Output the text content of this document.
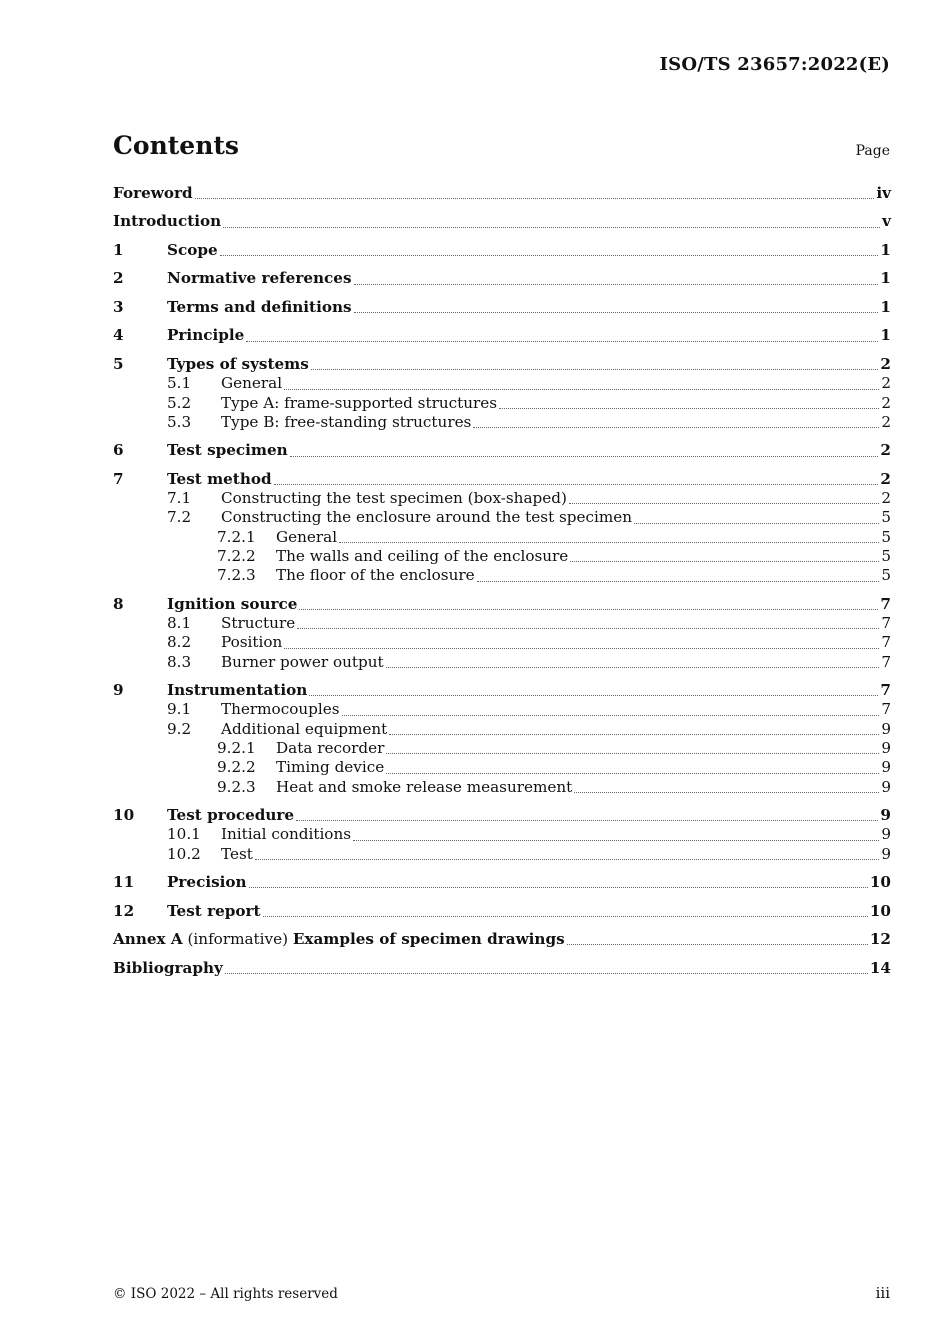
ISO/TS 23657:2022(E)
Contents	Page
Foreword	iv
Introduction	v
1	Scope	1
2	Normative references	1
3	Terms and definitions	1
4	Principle	1
5	Types of systems	2
5.1	General	2
5.2	Type A: frame-supported structures	2
5.3	Type B: free-standing structures	2
6	Test specimen	2
7	Test method	2
7.1	Constructing the test specimen (box-shaped)	2
7.2	Constructing the enclosure around the test specimen	5
7.2.1	General	5
7.2.2	The walls and ceiling of the enclosure	5
7.2.3	The floor of the enclosure	5
8	Ignition source	7
8.1	Structure	7
8.2	Position	7
8.3	Burner power output	7
9	Instrumentation	7
9.1	Thermocouples	7
9.2	Additional equipment	9
9.2.1	Data recorder	9
9.2.2	Timing device	9
9.2.3	Heat and smoke release measurement	9
10	Test procedure	9
10.1	Initial conditions	9
10.2	Test	9
11	Precision	10
12	Test report	10
Annex A (informative) Examples of specimen drawings	12
Bibliography	14
© ISO 2022 – All rights reserved	iii
